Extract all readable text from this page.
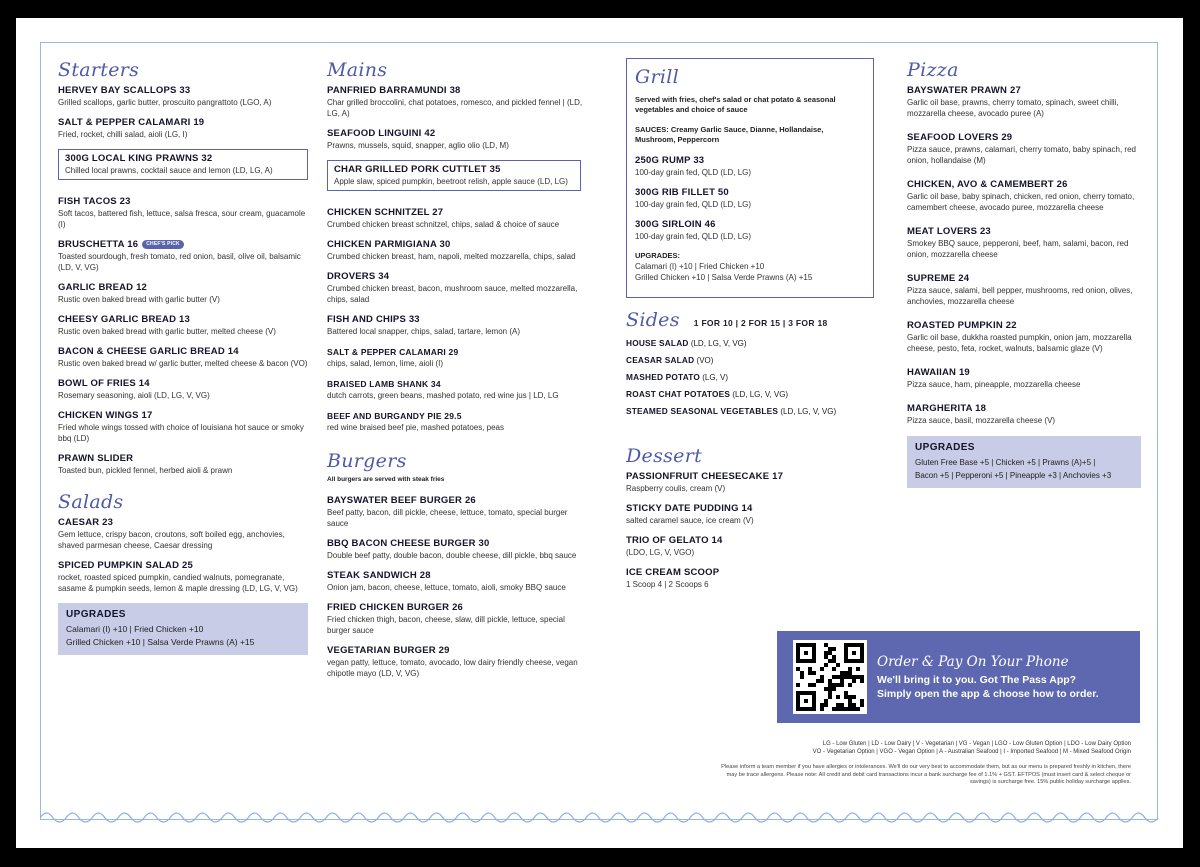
Starters
HERVEY BAY SCALLOPS 33
Grilled scallops, garlic butter, proscuito pangrattoto (LGO, A)
SALT & PEPPER CALAMARI 19
Fried, rocket, chilli salad, aioli (LG, I)
300G LOCAL KING PRAWNS 32
Chilled local prawns, cocktail sauce and lemon (LD, LG, A)
FISH TACOS 23
Soft tacos, battered fish, lettuce, salsa fresca, sour cream, guacamole (I)
BRUSCHETTA 16 CHEF'S PICK
Toasted sourdough, fresh tomato, red onion, basil, olive oil, balsamic (LD, V, VG)
GARLIC BREAD 12
Rustic oven baked bread with garlic butter (V)
CHEESY GARLIC BREAD 13
Rustic oven baked bread with garlic butter, melted cheese (V)
BACON & CHEESE GARLIC BREAD 14
Rustic oven baked bread w/ garlic butter, melted cheese & bacon (VO)
BOWL OF FRIES 14
Rosemary seasoning, aioli (LD, LG, V, VG)
CHICKEN WINGS 17
Fried whole wings tossed with choice of louisiana hot sauce or smoky bbq (LD)
PRAWN SLIDER
Toasted bun, pickled fennel, herbed aioli & prawn
Salads
CAESAR 23
Gem lettuce, crispy bacon, croutons, soft boiled egg, anchovies, shaved parmesan cheese, Caesar dressing
SPICED PUMPKIN SALAD 25
rocket, roasted spiced pumpkin, candied walnuts, pomegranate, sasame & pumpkin seeds, lemon & maple dressing (LD, LG, V, VG)
UPGRADES
Calamari (I) +10 | Fried Chicken +10
Grilled Chicken +10 | Salsa Verde Prawns (A) +15
Mains
PANFRIED BARRAMUNDI 38
Char grilled broccolini, chat potatoes, romesco, and pickled fennel | (LD, LG, A)
SEAFOOD LINGUINI 42
Prawns, mussels, squid, snapper, aglio olio (LD, M)
CHAR GRILLED PORK CUTTLET 35
Apple slaw, spiced pumpkin, beetroot relish, apple sauce (LD, LG)
CHICKEN SCHNITZEL 27
Crumbed chicken breast schnitzel, chips, salad & choice of sauce
CHICKEN PARMIGIANA 30
Crumbed chicken breast, ham, napoli, melted mozzarella, chips, salad
DROVERS 34
Crumbed chicken breast, bacon, mushroom sauce, melted mozzarella, chips, salad
FISH AND CHIPS 33
Battered local snapper, chips, salad, tartare, lemon (A)
SALT & PEPPER CALAMARI 29
chips, salad, lemon, lime, aioli (I)
BRAISED LAMB SHANK 34
dutch carrots, green beans, mashed potato, red wine jus | LD, LG
BEEF AND BURGANDY PIE 29.5
red wine braised beef pie, mashed potatoes, peas
Burgers
All burgers are served with steak fries
BAYSWATER BEEF BURGER 26
Beef patty, bacon, dill pickle, cheese, lettuce, tomato, special burger sauce
BBQ BACON CHEESE BURGER 30
Double beef patty, double bacon, double cheese, dill pickle, bbq sauce
STEAK SANDWICH 28
Onion jam, bacon, cheese, lettuce, tomato, aioli, smoky BBQ sauce
FRIED CHICKEN BURGER 26
Fried chicken thigh, bacon, cheese, slaw, dill pickle, lettuce, special burger sauce
VEGETARIAN BURGER 29
vegan patty, lettuce, tomato, avocado, low dairy friendly cheese, vegan chipotle mayo (LD, V, VG)
Grill
Served with fries, chef's salad or chat potato & seasonal vegetables and choice of sauce
SAUCES: Creamy Garlic Sauce, Dianne, Hollandaise, Mushroom, Peppercorn
250G RUMP 33
100-day grain fed, QLD (LD, LG)
300G RIB FILLET 50
100-day grain fed, QLD (LD, LG)
300G SIRLOIN 46
100-day grain fed, QLD (LD, LG)
UPGRADES:
Calamari (I) +10 | Fried Chicken +10
Grilled Chicken +10 | Salsa Verde Prawns (A) +15
Sides 1 FOR 10 | 2 FOR 15 | 3 FOR 18
HOUSE SALAD (LD, LG, V, VG)
CEASAR SALAD (VO)
MASHED POTATO (LG, V)
ROAST CHAT POTATOES (LD, LG, V, VG)
STEAMED SEASONAL VEGETABLES (LD, LG, V, VG)
Dessert
PASSIONFRUIT CHEESECAKE 17
Raspberry coulis, cream (V)
STICKY DATE PUDDING 14
salted caramel sauce, ice cream (V)
TRIO OF GELATO 14
(LDO, LG, V, VGO)
ICE CREAM SCOOP
1 Scoop 4 | 2 Scoops 6
Pizza
BAYSWATER PRAWN 27
Garlic oil base, prawns, cherry tomato, spinach, sweet chilli, mozzarella cheese, avocado puree (A)
SEAFOOD LOVERS 29
Pizza sauce, prawns, calamari, cherry tomato, baby spinach, red onion, hollandaise (M)
CHICKEN, AVO & CAMEMBERT 26
Garlic oil base, baby spinach, chicken, red onion, cherry tomato, camembert cheese, avocado puree, mozzarella cheese
MEAT LOVERS 23
Smokey BBQ sauce, pepperoni, beef, ham, salami, bacon, red onion, mozzarella cheese
SUPREME 24
Pizza sauce, salami, bell pepper, mushrooms, red onion, olives, anchovies, mozzarella cheese
ROASTED PUMPKIN 22
Garlic oil base, dukkha roasted pumpkin, onion jam, mozzarella cheese, pesto, feta, rocket, walnuts, balsamic glaze (V)
HAWAIIAN 19
Pizza sauce, ham, pineapple, mozzarella cheese
MARGHERITA 18
Pizza sauce, basil, mozzarella cheese (V)
UPGRADES
Gluten Free Base +5 | Chicken +5 | Prawns (A)+5 |
Bacon +5 | Pepperoni +5 | Pineapple +3 | Anchovies +3
Order & Pay On Your Phone
We'll bring it to you. Got The Pass App?
Simply open the app & choose how to order.
LG - Low Gluten | LD - Low Dairy | V - Vegetarian | VG - Vegan | LGO - Low Gluten Option | LDO - Low Dairy Option
VO - Vegetarian Option | VGO - Vegan Option | A - Australian Seafood | I - Imported Seafood | M - Mixed Seafood Origin
Please inform a team member if you have allergies or intolerances. We'll do our very best to accommodate them, but as our menu is prepared freshly in kitchen, there may be trace allergens. Please note: All credit and debit card transactions incur a bank surcharge fee of 1.1% + GST. EFTPOS (must insert card & select cheque or savings) is surcharge free. 15% public holiday surcharge applies.
